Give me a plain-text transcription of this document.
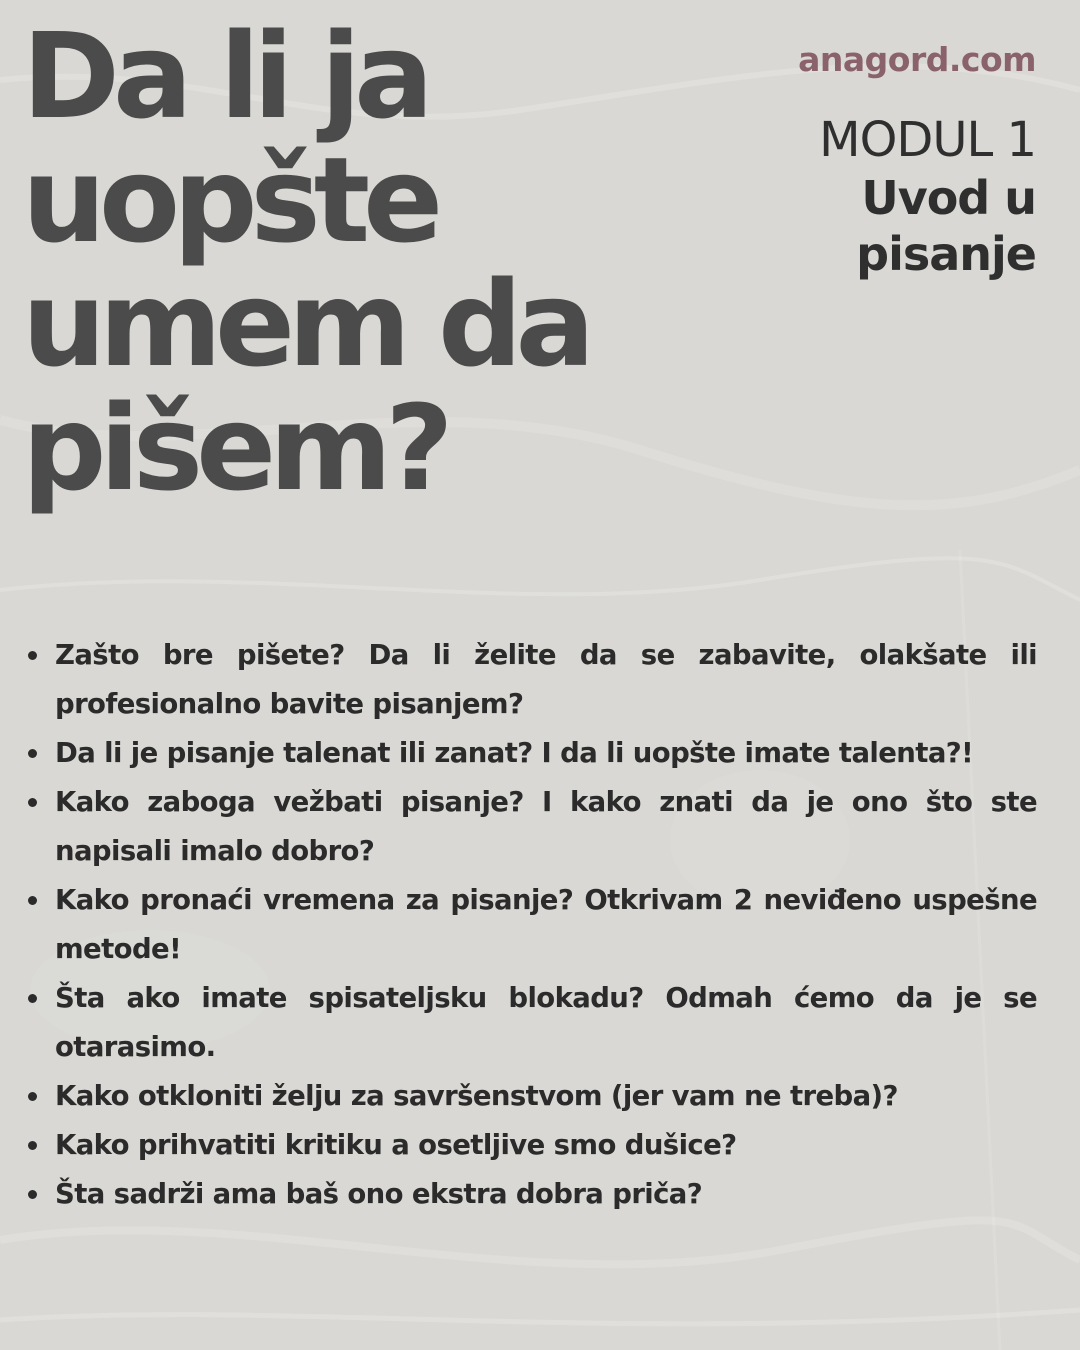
Da li ja uopšte umem da pišem?
anagord.com
MODUL 1
Uvod u pisanje
Zašto bre pišete? Da li želite da se zabavite, olakšate ili profesionalno bavite pisanjem?
Da li je pisanje talenat ili zanat? I da li uopšte imate talenta?!
Kako zaboga vežbati pisanje? I kako znati da je ono što ste napisali imalo dobro?
Kako pronaći vremena za pisanje? Otkrivam 2 neviđeno uspešne metode!
Šta ako imate spisateljsku blokadu? Odmah ćemo da je se otarasimo.
Kako otkloniti želju za savršenstvom (jer vam ne treba)?
Kako prihvatiti kritiku a osetljive smo dušice?
Šta sadrži ama baš ono ekstra dobra priča?
